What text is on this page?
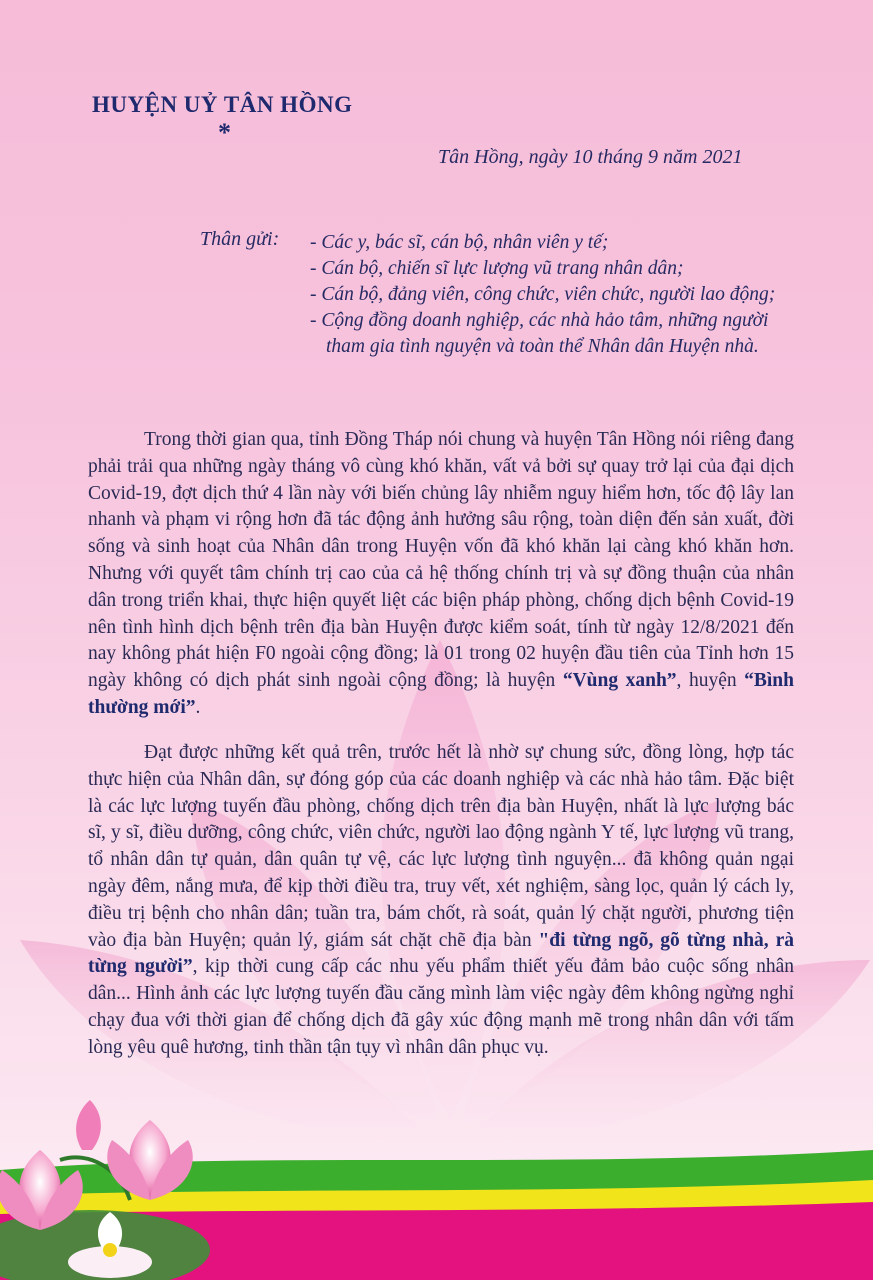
HUYỆN UỶ TÂN HỒNG
*
Tân Hồng, ngày 10 tháng 9 năm 2021
Thân gửi: - Các y, bác sĩ, cán bộ, nhân viên y tế;
- Cán bộ, chiến sĩ lực lượng vũ trang nhân dân;
- Cán bộ, đảng viên, công chức, viên chức, người lao động;
- Cộng đồng doanh nghiệp, các nhà hảo tâm, những người
tham gia tình nguyện và toàn thể Nhân dân Huyện nhà.

Trong thời gian qua, tỉnh Đồng Tháp nói chung và huyện Tân Hồng nói riêng đang phải trải qua những ngày tháng vô cùng khó khăn, vất vả bởi sự quay trở lại của đại dịch Covid-19, đợt dịch thứ 4 lần này với biến chủng lây nhiễm nguy hiểm hơn, tốc độ lây lan nhanh và phạm vi rộng hơn đã tác động ảnh hưởng sâu rộng, toàn diện đến sản xuất, đời sống và sinh hoạt của Nhân dân trong Huyện vốn đã khó khăn lại càng khó khăn hơn. Nhưng với quyết tâm chính trị cao của cả hệ thống chính trị và sự đồng thuận của nhân dân trong triển khai, thực hiện quyết liệt các biện pháp phòng, chống dịch bệnh Covid-19 nên tình hình dịch bệnh trên địa bàn Huyện được kiểm soát, tính từ ngày 12/8/2021 đến nay không phát hiện F0 ngoài cộng đồng; là 01 trong 02 huyện đầu tiên của Tỉnh hơn 15 ngày không có dịch phát sinh ngoài cộng đồng; là huyện “Vùng xanh”, huyện “Bình thường mới”.

Đạt được những kết quả trên, trước hết là nhờ sự chung sức, đồng lòng, hợp tác thực hiện của Nhân dân, sự đóng góp của các doanh nghiệp và các nhà hảo tâm. Đặc biệt là các lực lượng tuyến đầu phòng, chống dịch trên địa bàn Huyện, nhất là lực lượng bác sĩ, y sĩ, điều dưỡng, công chức, viên chức, người lao động ngành Y tế, lực lượng vũ trang, tổ nhân dân tự quản, dân quân tự vệ, các lực lượng tình nguyện... đã không quản ngại ngày đêm, nắng mưa, để kịp thời điều tra, truy vết, xét nghiệm, sàng lọc, quản lý cách ly, điều trị bệnh cho nhân dân; tuần tra, bám chốt, rà soát, quản lý chặt người, phương tiện vào địa bàn Huyện; quản lý, giám sát chặt chẽ địa bàn "đi từng ngõ, gõ từng nhà, rà từng người”, kịp thời cung cấp các nhu yếu phẩm thiết yếu đảm bảo cuộc sống nhân dân... Hình ảnh các lực lượng tuyến đầu căng mình làm việc ngày đêm không ngừng nghỉ chạy đua với thời gian để chống dịch đã gây xúc động mạnh mẽ trong nhân dân với tấm lòng yêu quê hương, tinh thần tận tụy vì nhân dân phục vụ.
